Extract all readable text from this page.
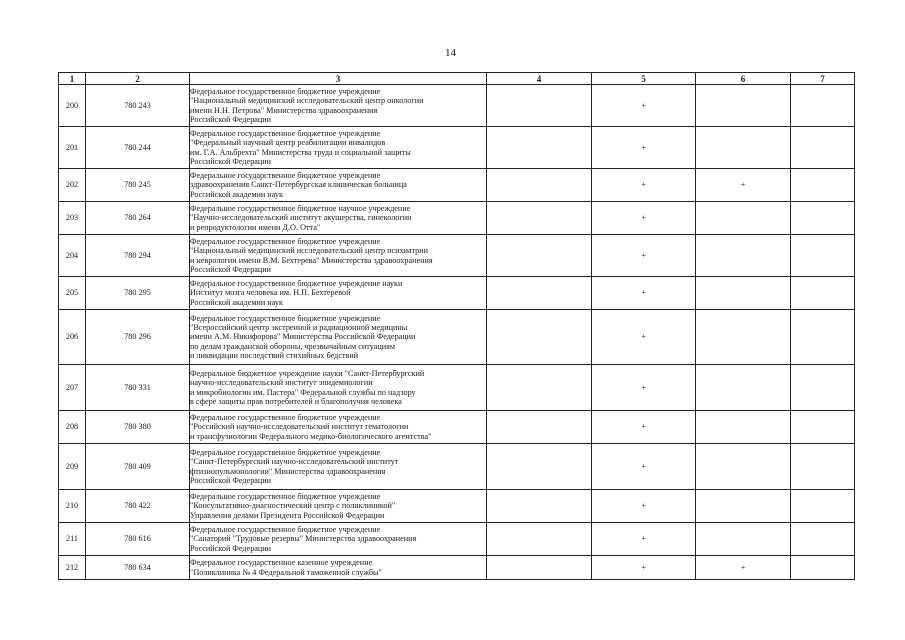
14
1	2	3	4	5	6	7
200	780 243	Федеральное государственное бюджетное учреждение
"Национальный медицинский исследовательский центр онкологии
имени Н.Н. Петрова" Министерства здравоохранения
Российской Федерации		+		
201	780 244	Федеральное государственное бюджетное учреждение
"Федеральный научный центр реабилитации инвалидов
им. Г.А. Альбрехта" Министерства труда и социальной защиты
Российской Федерации		+		
202	780 245	Федеральное государственное бюджетное учреждение
здравоохранения Санкт-Петербургская клиническая больница
Российской академии наук		+	+	
203	780 264	Федеральное государственное бюджетное научное учреждение
"Научно-исследовательский институт акушерства, гинекологии
и репродуктологии имени Д.О. Отта"		+		
204	780 294	Федеральное государственное бюджетное учреждение
"Национальный медицинский исследовательский центр психиатрии
и неврологии имени В.М. Бехтерева" Министерства здравоохранения
Российской Федерации		+		
205	780 295	Федеральное государственное бюджетное учреждение науки
Институт мозга человека им. Н.П. Бехтеревой
Российской академии наук		+		
206	780 296	Федеральное государственное бюджетное учреждение
"Всероссийский центр экстренной и радиационной медицины
имени А.М. Никифорова" Министерства Российской Федерации
по делам гражданской обороны, чрезвычайным ситуациям
и ликвидации последствий стихийных бедствий		+		
207	780 331	Федеральное бюджетное учреждение науки "Санкт-Петербургский
научно-исследовательский институт эпидемиологии
и микробиологии им. Пастера" Федеральной службы по надзору
в сфере защиты прав потребителей и благополучия человека		+		
208	780 380	Федеральное государственное бюджетное учреждение
"Российский научно-исследовательский институт гематологии
и трансфузиологии Федерального медико-биологического агентства"		+		
209	780 409	Федеральное государственное бюджетное учреждение
"Санкт-Петербургский научно-исследовательский институт
фтизиопульмонологии" Министерства здравоохранения
Российской Федерации		+		
210	780 422	Федеральное государственное бюджетное учреждение
"Консультативно-диагностический центр с поликлиникой"
Управления делами Президента Российской Федерации		+		
211	780 616	Федеральное государственное бюджетное учреждение
"Санаторий "Трудовые резервы" Министерства здравоохранения
Российской Федерации		+		
212	780 634	Федеральное государственное казенное учреждение
"Поликлиника № 4 Федеральной таможенной службы"		+	+	
